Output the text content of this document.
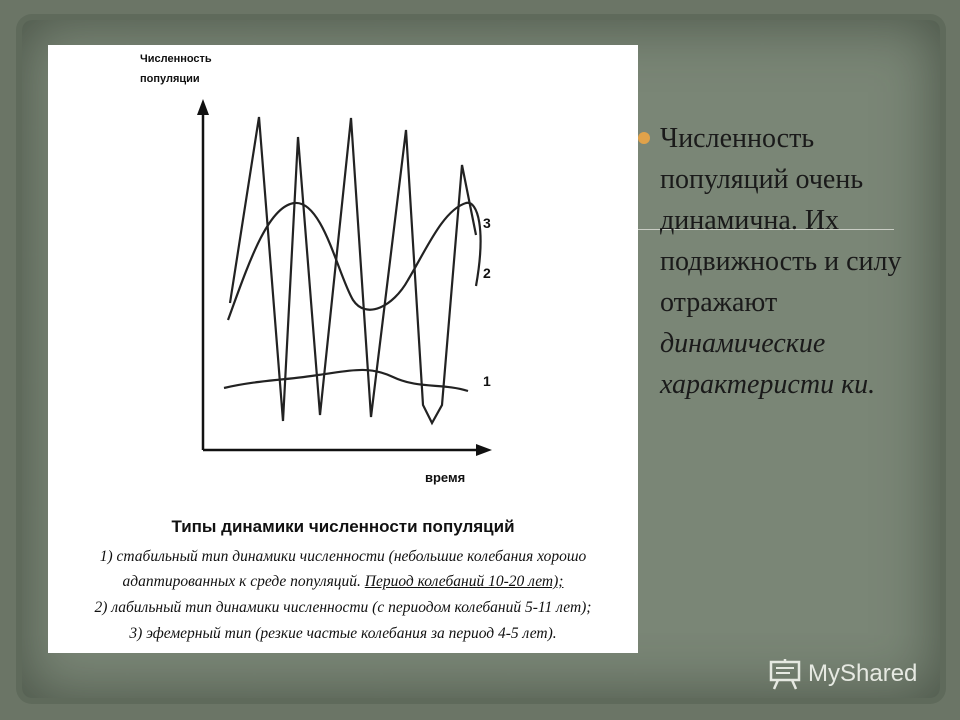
3
2
1
Численность
популяции
время
Типы динамики численности популяций
1) стабильный тип динамики численности (небольшие колебания хорошо
адаптированных к среде популяций. Период колебаний 10-20 лет);
2) лабильный тип динамики численности (с периодом колебаний 5-11 лет);
3) эфемерный тип (резкие частые колебания за период 4-5 лет).
Численность популяций очень динамична. Их подвижность и силу отражают динамические характеристи ки.
MyShared
